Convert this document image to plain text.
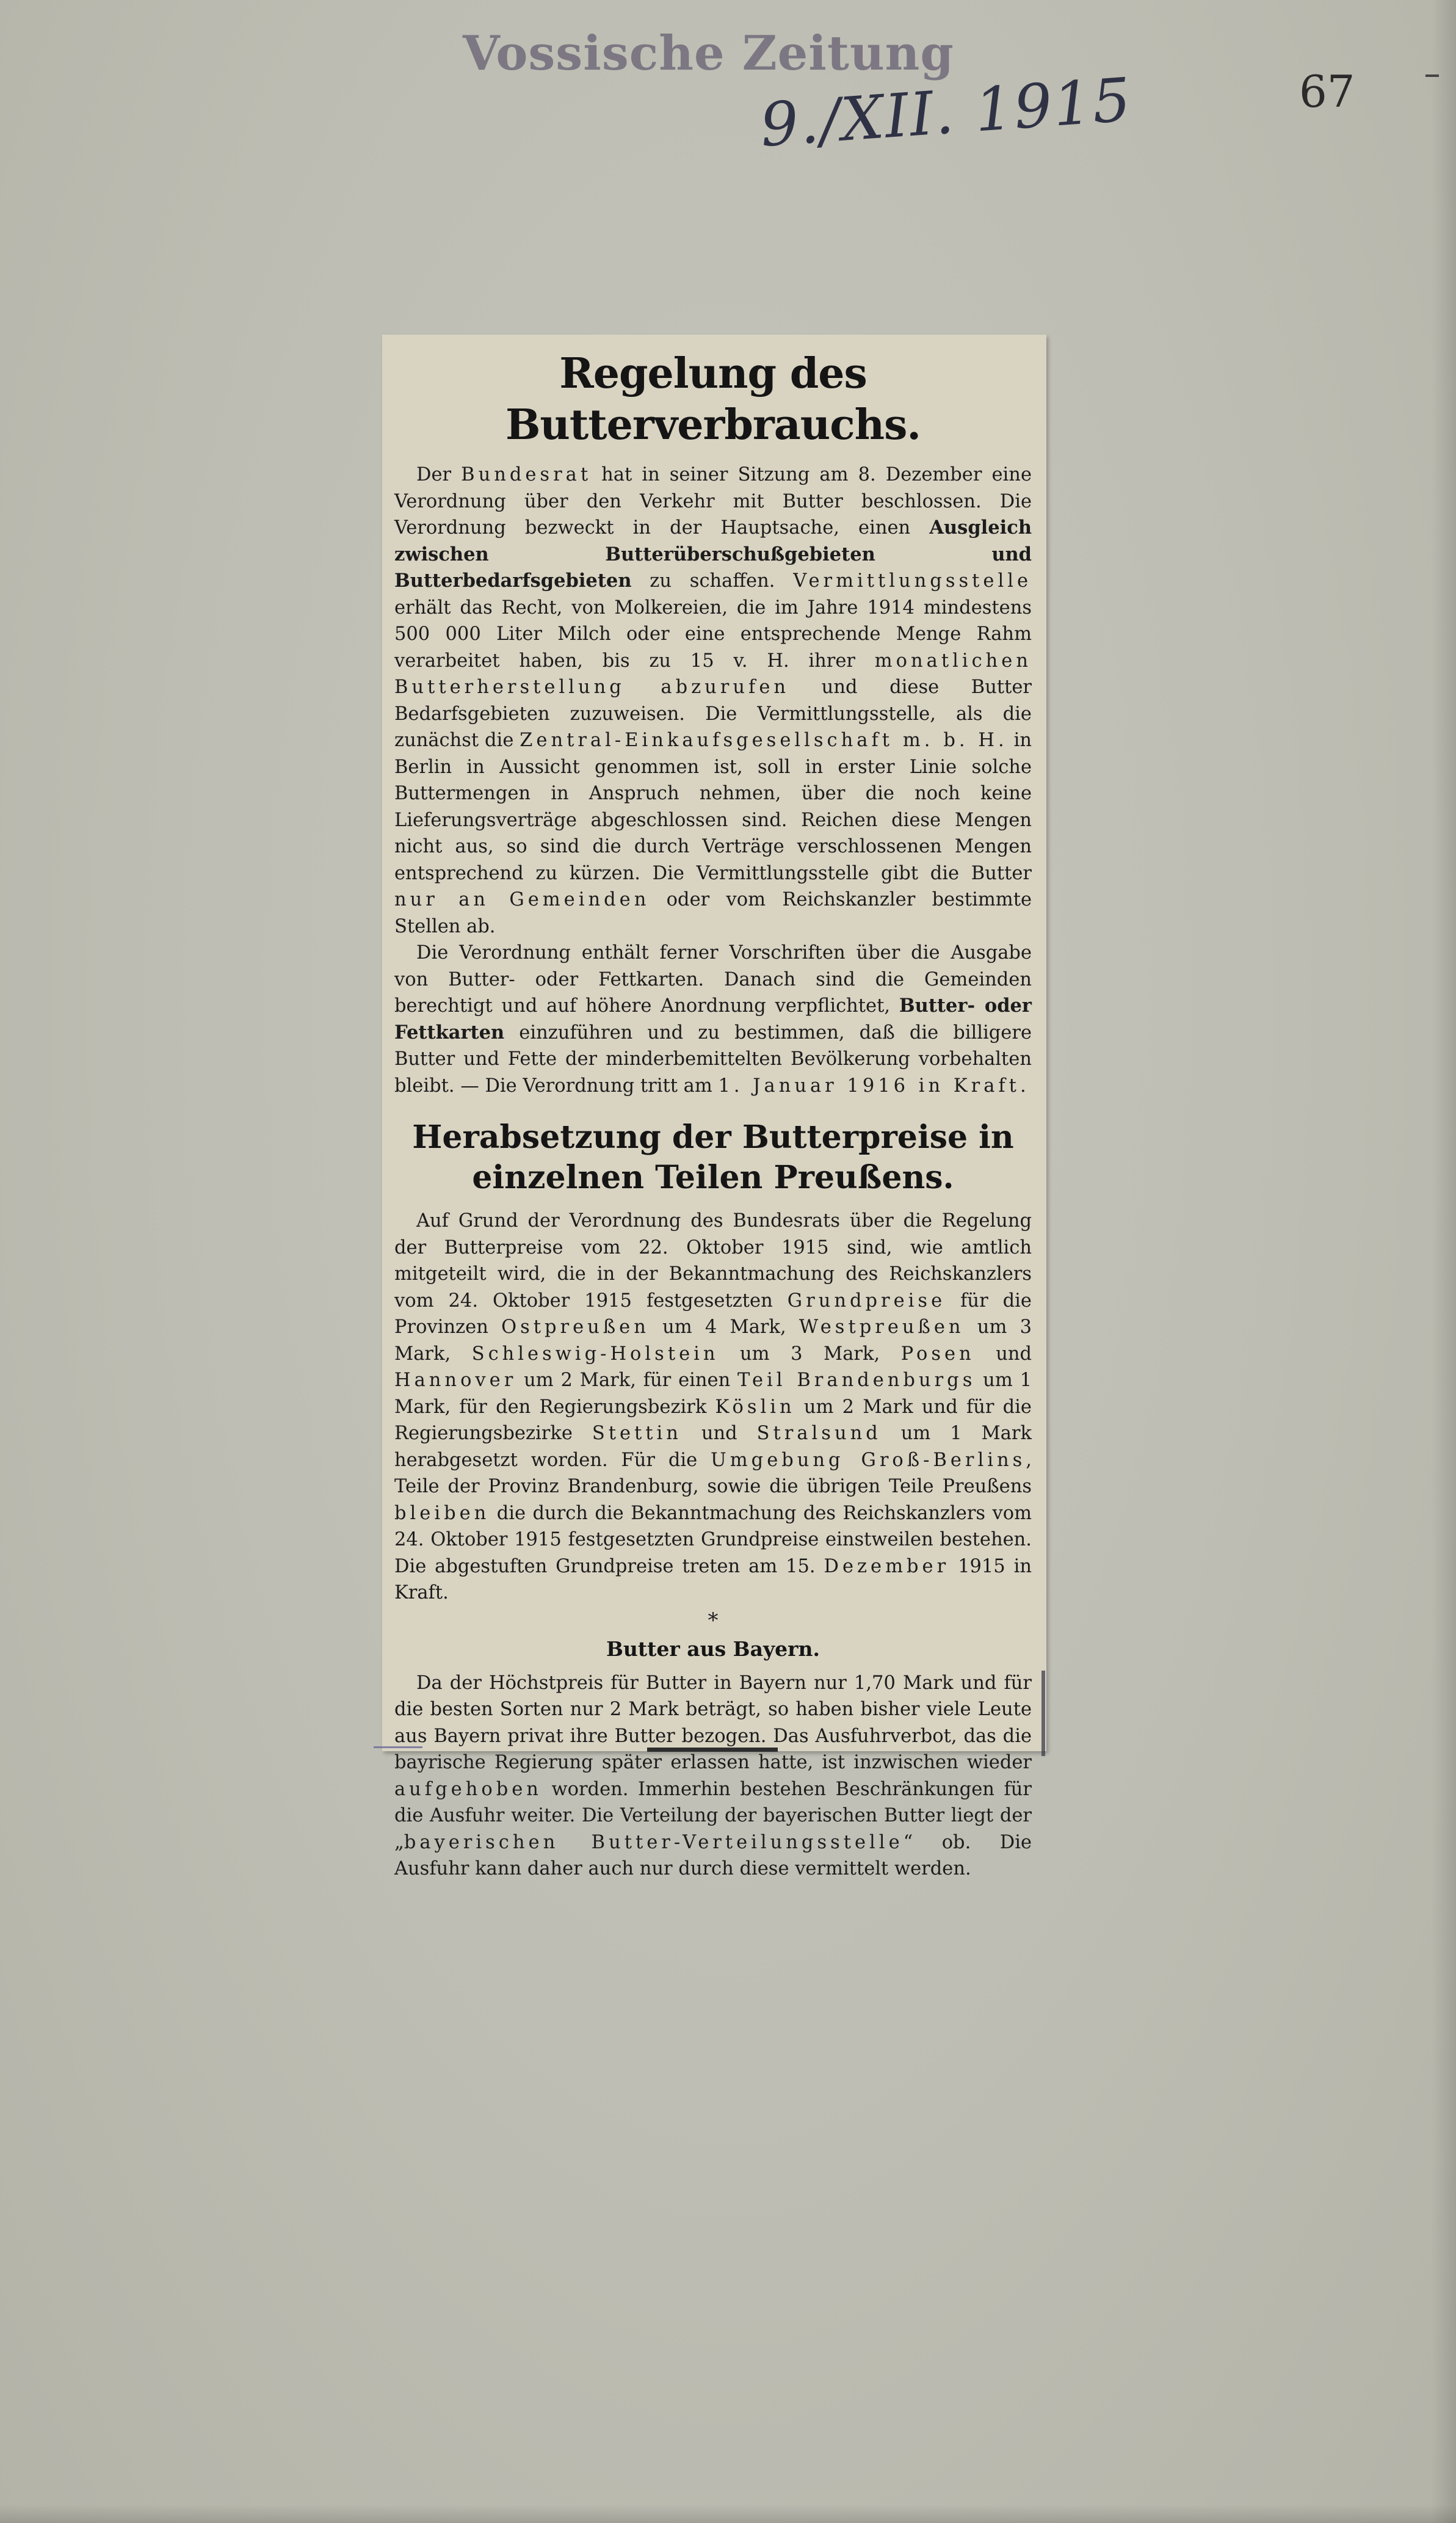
Vossische Zeitung
9./XII. 1915	67
Regelung des Butterverbrauchs.

Der Bundesrat hat in seiner Sitzung am 8. Dezember eine Verordnung über den Verkehr mit Butter beschlossen. Die Verordnung bezweckt in der Hauptsache, einen Ausgleich zwischen Butterüberschußgebieten und Butterbedarfsgebieten zu schaffen. Vermittlungsstelle erhält das Recht, von Molkereien, die im Jahre 1914 mindestens 500 000 Liter Milch oder eine entsprechende Menge Rahm verarbeitet haben, bis zu 15 v. H. ihrer monatlichen Butterherstellung abzurufen und diese Butter Bedarfsgebieten zuzuweisen. Die Vermittlungsstelle, als die zunächst die Zentral-Einkaufsgesellschaft m. b. H. in Berlin in Aussicht genommen ist, soll in erster Linie solche Buttermengen in Anspruch nehmen, über die noch keine Lieferungsverträge abgeschlossen sind. Reichen diese Mengen nicht aus, so sind die durch Verträge verschlossenen Mengen entsprechend zu kürzen. Die Vermittlungsstelle gibt die Butter nur an Gemeinden oder vom Reichskanzler bestimmte Stellen ab.

Die Verordnung enthält ferner Vorschriften über die Ausgabe von Butter- oder Fettkarten. Danach sind die Gemeinden berechtigt und auf höhere Anordnung verpflichtet, Butter- oder Fettkarten einzuführen und zu bestimmen, daß die billigere Butter und Fette der minderbemittelten Bevölkerung vorbehalten bleibt. — Die Verordnung tritt am 1. Januar 1916 in Kraft.

Herabsetzung der Butterpreise in einzelnen Teilen Preußens.

Auf Grund der Verordnung des Bundesrats über die Regelung der Butterpreise vom 22. Oktober 1915 sind, wie amtlich mitgeteilt wird, die in der Bekanntmachung des Reichskanzlers vom 24. Oktober 1915 festgesetzten Grundpreise für die Provinzen Ostpreußen um 4 Mark, Westpreußen um 3 Mark, Schleswig-Holstein um 3 Mark, Posen und Hannover um 2 Mark, für einen Teil Brandenburgs um 1 Mark, für den Regierungsbezirk Köslin um 2 Mark und für die Regierungsbezirke Stettin und Stralsund um 1 Mark herabgesetzt worden. Für die Umgebung Groß-Berlins, Teile der Provinz Brandenburg, sowie die übrigen Teile Preußens bleiben die durch die Bekanntmachung des Reichskanzlers vom 24. Oktober 1915 festgesetzten Grundpreise einstweilen bestehen. Die abgestuften Grundpreise treten am 15. Dezember 1915 in Kraft.

*
Butter aus Bayern.

Da der Höchstpreis für Butter in Bayern nur 1,70 Mark und für die besten Sorten nur 2 Mark beträgt, so haben bisher viele Leute aus Bayern privat ihre Butter bezogen. Das Ausfuhrverbot, das die bayrische Regierung später erlassen hatte, ist inzwischen wieder aufgehoben worden. Immerhin bestehen Beschränkungen für die Ausfuhr weiter. Die Verteilung der bayerischen Butter liegt der „bayerischen Butter-Verteilungsstelle“ ob. Die Ausfuhr kann daher auch nur durch diese vermittelt werden.
